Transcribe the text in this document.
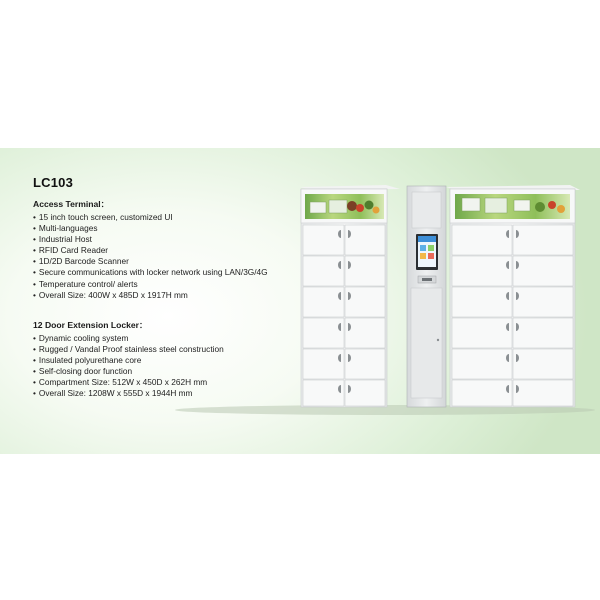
LC103
Access Terminal：
• 15 inch touch screen, customized UI
• Multi-languages
• Industrial Host
• RFID Card Reader
• 1D/2D Barcode Scanner
• Secure communications with locker network using LAN/3G/4G
• Temperature control/ alerts
• Overall Size: 400W x 485D x 1917H mm
12 Door Extension Locker：
• Dynamic cooling system
• Rugged / Vandal Proof stainless steel construction
• Insulated polyurethane core
• Self-closing door function
• Compartment Size: 512W x 450D x 262H mm
• Overall Size: 1208W x 555D x 1944H mm
